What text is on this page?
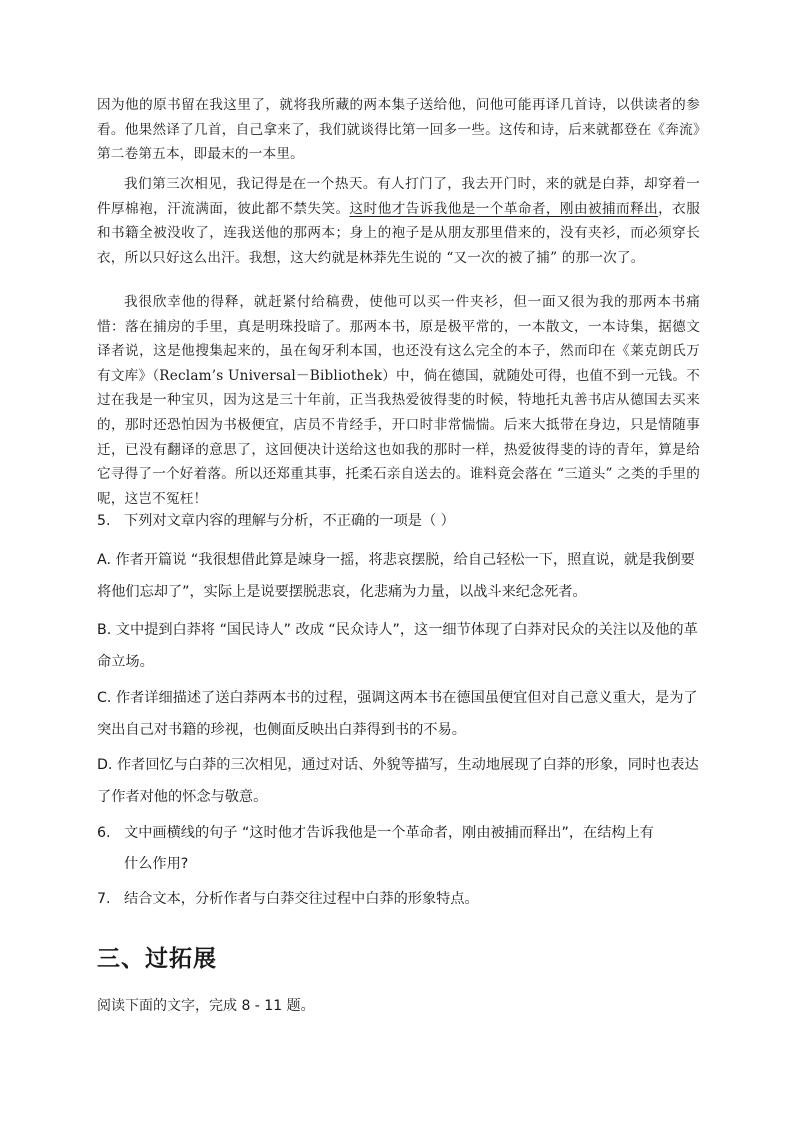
因为他的原书留在我这里了，就将我所藏的两本集子送给他，问他可能再译几首诗，以供读者的参看。他果然译了几首，自己拿来了，我们就谈得比第一回多一些。这传和诗，后来就都登在《奔流》第二卷第五本，即最末的一本里。

我们第三次相见，我记得是在一个热天。有人打门了，我去开门时，来的就是白莽，却穿着一件厚棉袍，汗流满面，彼此都不禁失笑。这时他才告诉我他是一个革命者，刚由被捕而释出，衣服和书籍全被没收了，连我送他的那两本；身上的袍子是从朋友那里借来的，没有夹衫，而必须穿长衣，所以只好这么出汗。我想，这大约就是林莽先生说的 “又一次的被了捕” 的那一次了。

我很欣幸他的得释，就赶紧付给稿费，使他可以买一件夹衫，但一面又很为我的那两本书痛惜：落在捕房的手里，真是明珠投暗了。那两本书，原是极平常的，一本散文，一本诗集，据德文译者说，这是他搜集起来的，虽在匈牙利本国，也还没有这么完全的本子，然而印在《莱克朗氏万有文库》（Reclam’s Universal－Bibliothek）中，倘在德国，就随处可得，也值不到一元钱。不过在我是一种宝贝，因为这是三十年前，正当我热爱彼得斐的时候，特地托丸善书店从德国去买来的，那时还恐怕因为书极便宜，店员不肯经手，开口时非常惴惴。后来大抵带在身边，只是情随事迁，已没有翻译的意思了，这回便决计送给这也如我的那时一样，热爱彼得斐的诗的青年，算是给它寻得了一个好着落。所以还郑重其事，托柔石亲自送去的。谁料竟会落在 “三道头” 之类的手里的呢，这岂不冤枉！

5. 下列对文章内容的理解与分析，不正确的一项是（ ）

A. 作者开篇说 “我很想借此算是竦身一摇，将悲哀摆脱，给自己轻松一下，照直说，就是我倒要将他们忘却了”，实际上是说要摆脱悲哀，化悲痛为力量，以战斗来纪念死者。

B. 文中提到白莽将 “国民诗人” 改成 “民众诗人”，这一细节体现了白莽对民众的关注以及他的革命立场。

C. 作者详细描述了送白莽两本书的过程，强调这两本书在德国虽便宜但对自己意义重大，是为了突出自己对书籍的珍视，也侧面反映出白莽得到书的不易。

D. 作者回忆与白莽的三次相见，通过对话、外貌等描写，生动地展现了白莽的形象，同时也表达了作者对他的怀念与敬意。

6. 文中画横线的句子 “这时他才告诉我他是一个革命者，刚由被捕而释出”，在结构上有
什么作用?

7. 结合文本，分析作者与白莽交往过程中白莽的形象特点。

三、过拓展

阅读下面的文字，完成 8 - 11 题。
